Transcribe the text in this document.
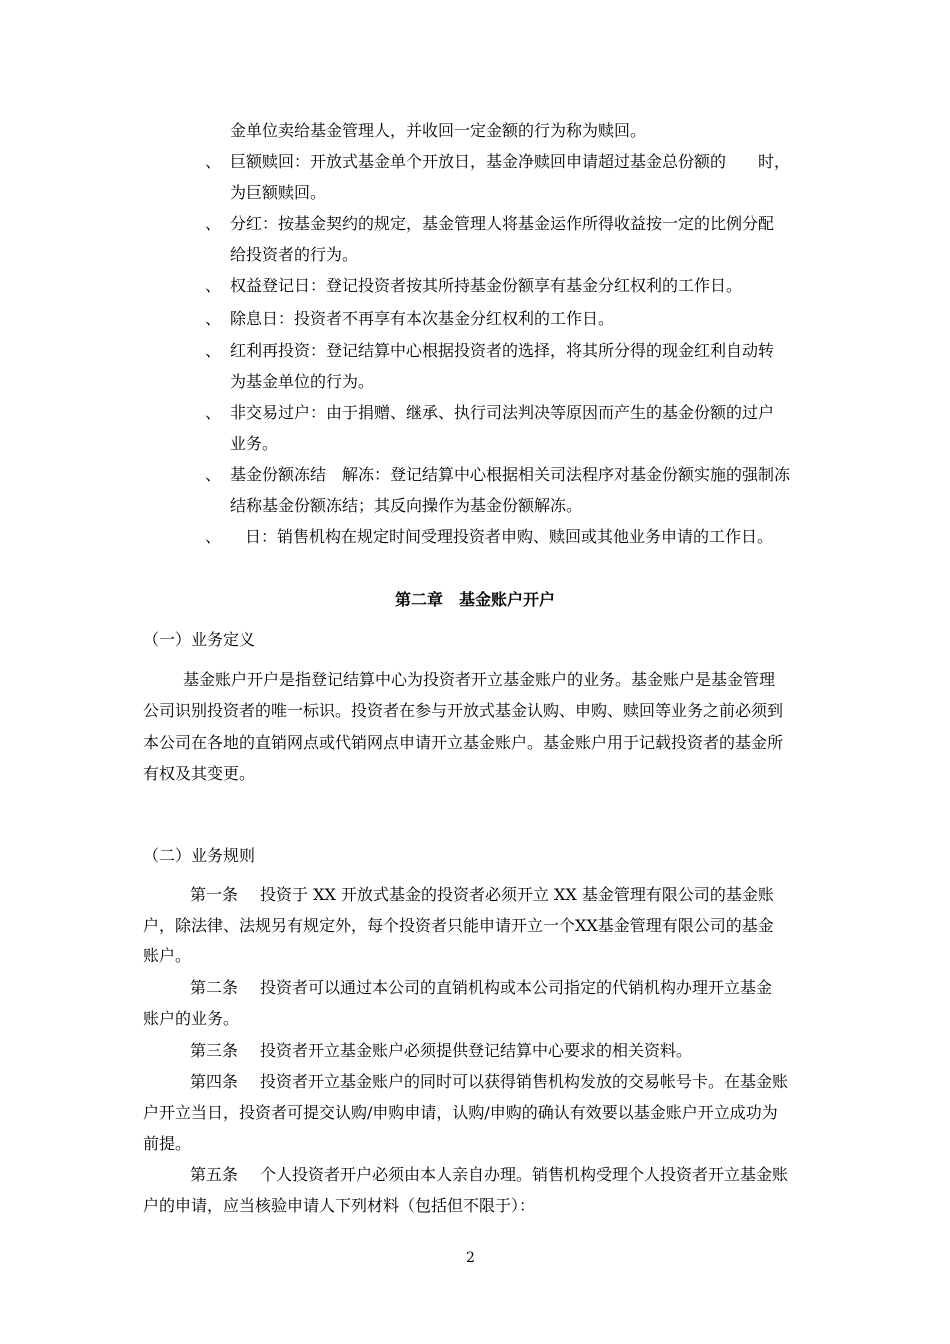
金单位卖给基金管理人，并收回一定金额的行为称为赎回。
、 巨额赎回：开放式基金单个开放日，基金净赎回申请超过基金总份额的　　时，
为巨额赎回。
、 分红：按基金契约的规定，基金管理人将基金运作所得收益按一定的比例分配
给投资者的行为。
、 权益登记日：登记投资者按其所持基金份额享有基金分红权利的工作日。
、 除息日：投资者不再享有本次基金分红权利的工作日。
、 红利再投资：登记结算中心根据投资者的选择，将其所分得的现金红利自动转
为基金单位的行为。
、 非交易过户：由于捐赠、继承、执行司法判决等原因而产生的基金份额的过户
业务。
、 基金份额冻结　解冻：登记结算中心根据相关司法程序对基金份额实施的强制冻
结称基金份额冻结；其反向操作为基金份额解冻。
、 日：销售机构在规定时间受理投资者申购、赎回或其他业务申请的工作日。
第二章　基金账户开户
（一）业务定义
基金账户开户是指登记结算中心为投资者开立基金账户的业务。基金账户是基金管理
公司识别投资者的唯一标识。投资者在参与开放式基金认购、申购、赎回等业务之前必须到
本公司在各地的直销网点或代销网点申请开立基金账户。基金账户用于记载投资者的基金所
有权及其变更。
（二）业务规则
第一条 投资于 XX 开放式基金的投资者必须开立 XX 基金管理有限公司的基金账
户，除法律、法规另有规定外，每个投资者只能申请开立一个XX基金管理有限公司的基金
账户。
第二条 投资者可以通过本公司的直销机构或本公司指定的代销机构办理开立基金
账户的业务。
第三条 投资者开立基金账户必须提供登记结算中心要求的相关资料。
第四条 投资者开立基金账户的同时可以获得销售机构发放的交易帐号卡。在基金账
户开立当日，投资者可提交认购/申购申请，认购/申购的确认有效要以基金账户开立成功为
前提。
第五条 个人投资者开户必须由本人亲自办理。销售机构受理个人投资者开立基金账
户的申请，应当核验申请人下列材料（包括但不限于）：
2
